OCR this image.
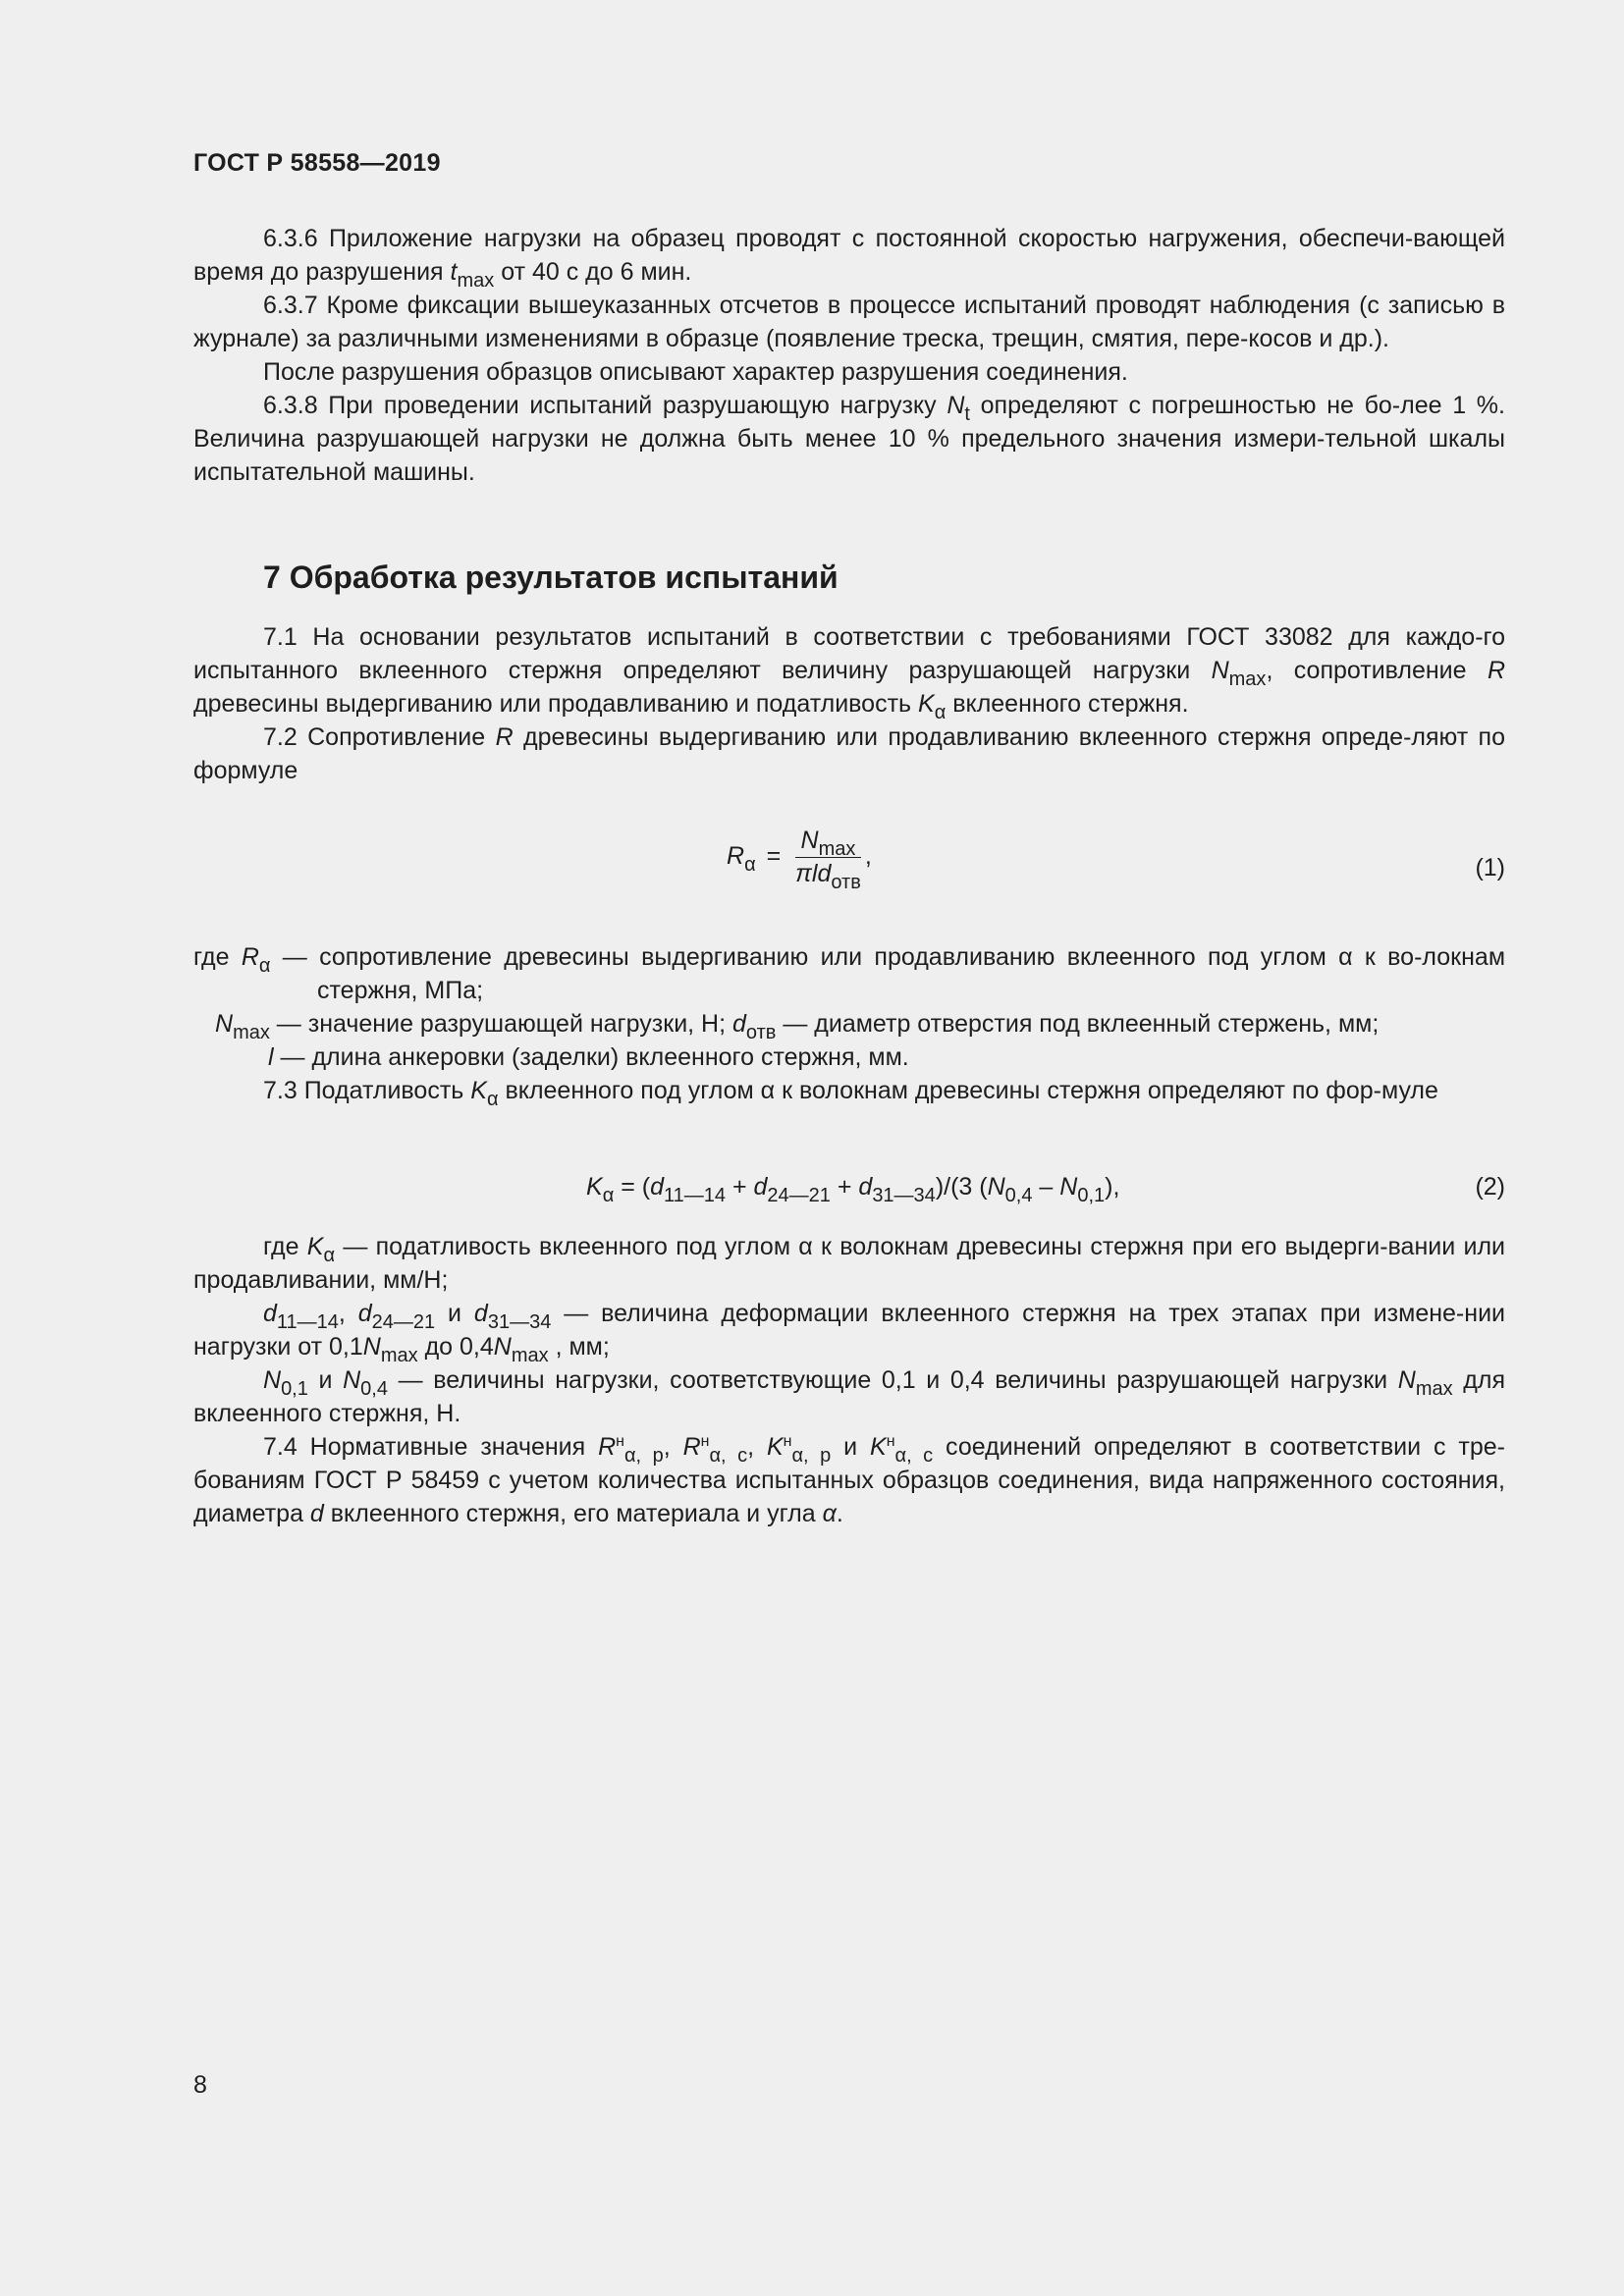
ГОСТ Р 58558—2019

6.3.6 Приложение нагрузки на образец проводят с постоянной скоростью нагружения, обеспечи-вающей время до разрушения $t_{max}$ от 40 с до 6 мин.

6.3.7 Кроме фиксации вышеуказанных отсчетов в процессе испытаний проводят наблюдения (с записью в журнале) за различными изменениями в образце (появление треска, трещин, смятия, пере-косов и др.).

После разрушения образцов описывают характер разрушения соединения.

6.3.8 При проведении испытаний разрушающую нагрузку $N_t$ определяют с погрешностью не бо-лее 1 %. Величина разрушающей нагрузки не должна быть менее 10 % предельного значения измери-тельной шкалы испытательной машины.

7 Обработка результатов испытаний

7.1 На основании результатов испытаний в соответствии с требованиями ГОСТ 33082 для каждо-го испытанного вклеенного стержня определяют величину разрушающей нагрузки $N_{max}$, сопротивление R древесины выдергиванию или продавливанию и податливость $K_\alpha$ вклеенного стержня.

7.2 Сопротивление R древесины выдергиванию или продавливанию вклеенного стержня опреде-ляют по формуле

$R_\alpha = \frac{N_{max}}{\pi ld_{отв}}$ ,	(1)

где $R_\alpha$ — сопротивление древесины выдергиванию или продавливанию вклеенного под углом α к во-локнам стержня, МПа;

$N_{max}$ — значение разрушающей нагрузки, Н; $d_{отв}$ — диаметр отверстия под вклеенный стержень, мм;

l — длина анкеровки (заделки) вклеенного стержня, мм.

7.3 Податливость $K_\alpha$ вклеенного под углом α к волокнам древесины стержня определяют по фор-муле

$K_\alpha = (d_{11—14} + d_{24—21} + d_{31—34})/(3$ $(N_{0,4} - N_{0,1})$,	(2)

где $K_\alpha$ — податливость вклеенного под углом α к волокнам древесины стержня при его выдерги-вании или продавливании, мм/Н;

$d_{11—14}$, $d_{24—21}$ и $d_{31—34}$ — величина деформации вклеенного стержня на трех этапах при измене-нии нагрузки от $0,1N_{max}$ до $0,4N_{max}$ , мм;

$N_{0,1}$ и $N_{0,4}$ — величины нагрузки, соответствующие 0,1 и 0,4 величины разрушающей нагрузки $N_{max}$ для вклеенного стержня, Н.

7.4 Нормативные значения $R^н_{\alpha, р}$, $R^н_{\alpha, c}$, $K^н_{\alpha, р}$ и $K^н_{\alpha, c}$ соединений определяют в соответствии с тре-бованиям ГОСТ Р 58459 с учетом количества испытанных образцов соединения, вида напряженного состояния, диаметра d вклеенного стержня, его материала и угла α.

8
